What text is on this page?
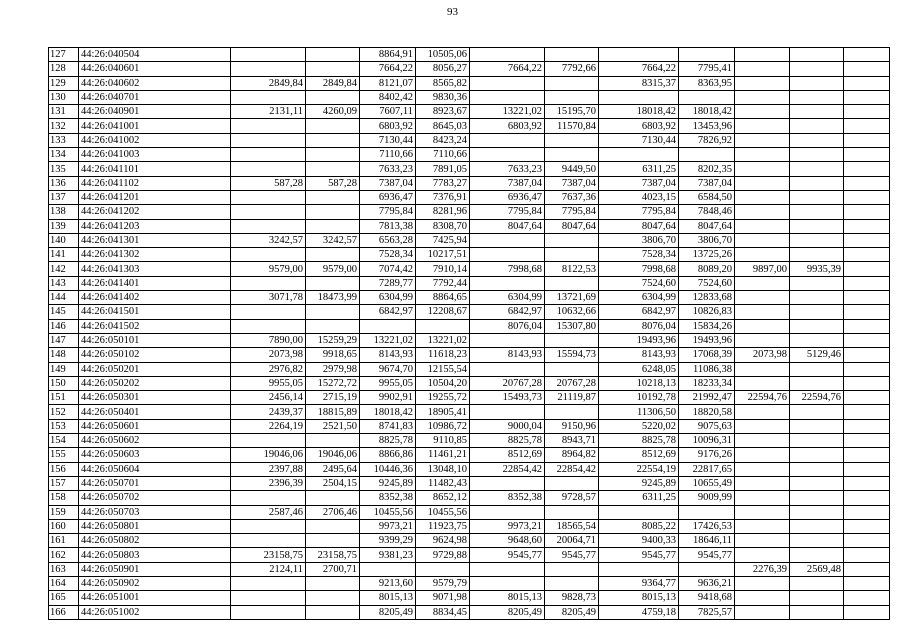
93
127	44:26:040504			8864,91	10505,06							
128	44:26:040601			7664,22	8056,27	7664,22	7792,66	7664,22	7795,41			
129	44:26:040602	2849,84	2849,84	8121,07	8565,82			8315,37	8363,95			
130	44:26:040701			8402,42	9830,36							
131	44:26:040901	2131,11	4260,09	7607,11	8923,67	13221,02	15195,70	18018,42	18018,42			
132	44:26:041001			6803,92	8645,03	6803,92	11570,84	6803,92	13453,96			
133	44:26:041002			7130,44	8423,24			7130,44	7826,92			
134	44:26:041003			7110,66	7110,66							
135	44:26:041101			7633,23	7891,05	7633,23	9449,50	6311,25	8202,35			
136	44:26:041102	587,28	587,28	7387,04	7783,27	7387,04	7387,04	7387,04	7387,04			
137	44:26:041201			6936,47	7376,91	6936,47	7637,36	4023,15	6584,50			
138	44:26:041202			7795,84	8281,96	7795,84	7795,84	7795,84	7848,46			
139	44:26:041203			7813,38	8308,70	8047,64	8047,64	8047,64	8047,64			
140	44:26:041301	3242,57	3242,57	6563,28	7425,94			3806,70	3806,70			
141	44:26:041302			7528,34	10217,51			7528,34	13725,26			
142	44:26:041303	9579,00	9579,00	7074,42	7910,14	7998,68	8122,53	7998,68	8089,20	9897,00	9935,39	
143	44:26:041401			7289,77	7792,44			7524,60	7524,60			
144	44:26:041402	3071,78	18473,99	6304,99	8864,65	6304,99	13721,69	6304,99	12833,68			
145	44:26:041501			6842,97	12208,67	6842,97	10632,66	6842,97	10826,83			
146	44:26:041502					8076,04	15307,80	8076,04	15834,26			
147	44:26:050101	7890,00	15259,29	13221,02	13221,02			19493,96	19493,96			
148	44:26:050102	2073,98	9918,65	8143,93	11618,23	8143,93	15594,73	8143,93	17068,39	2073,98	5129,46	
149	44:26:050201	2976,82	2979,98	9674,70	12155,54			6248,05	11086,38			
150	44:26:050202	9955,05	15272,72	9955,05	10504,20	20767,28	20767,28	10218,13	18233,34			
151	44:26:050301	2456,14	2715,19	9902,91	19255,72	15493,73	21119,87	10192,78	21992,47	22594,76	22594,76	
152	44:26:050401	2439,37	18815,89	18018,42	18905,41			11306,50	18820,58			
153	44:26:050601	2264,19	2521,50	8741,83	10986,72	9000,04	9150,96	5220,02	9075,63			
154	44:26:050602			8825,78	9110,85	8825,78	8943,71	8825,78	10096,31			
155	44:26:050603	19046,06	19046,06	8866,86	11461,21	8512,69	8964,82	8512,69	9176,26			
156	44:26:050604	2397,88	2495,64	10446,36	13048,10	22854,42	22854,42	22554,19	22817,65			
157	44:26:050701	2396,39	2504,15	9245,89	11482,43			9245,89	10655,49			
158	44:26:050702			8352,38	8652,12	8352,38	9728,57	6311,25	9009,99			
159	44:26:050703	2587,46	2706,46	10455,56	10455,56							
160	44:26:050801			9973,21	11923,75	9973,21	18565,54	8085,22	17426,53			
161	44:26:050802			9399,29	9624,98	9648,60	20064,71	9400,33	18646,11			
162	44:26:050803	23158,75	23158,75	9381,23	9729,88	9545,77	9545,77	9545,77	9545,77			
163	44:26:050901	2124,11	2700,71							2276,39	2569,48	
164	44:26:050902			9213,60	9579,79			9364,77	9636,21			
165	44:26:051001			8015,13	9071,98	8015,13	9828,73	8015,13	9418,68			
166	44:26:051002			8205,49	8834,45	8205,49	8205,49	4759,18	7825,57			
